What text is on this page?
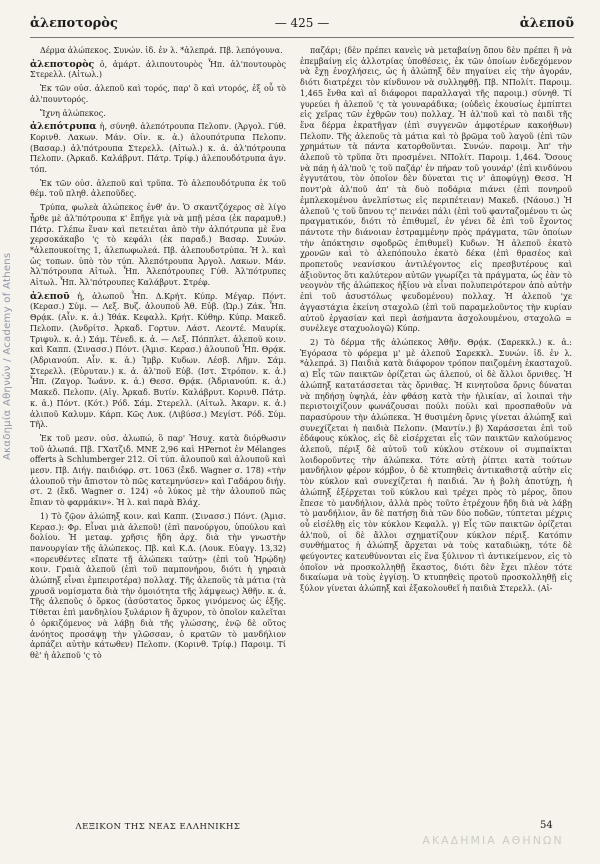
Ακαδημία Αθηνών / Academy of Athens
ἀλεποτορὸς	— 425 —	ἀλεποῦ

Δέρμα ἀλώπεκος. Συνών. ἰδ. ἐν λ. *ἀλεπρά. Πβ. λεπόγουνα.

ἀλεποτορὸς ὁ, ἀμάρτ. ἀλιπουτουρὸς Ἦπ. ἀλ'πουτουρὸς Στερελλ. (Αἰτωλ.)

Ἐκ τῶν οὐσ. ἀλεποῦ καὶ τορός, παρ' ὃ καὶ ντορός, ἐξ οὗ τὸ ἀλ'πουντορός.

Ἴχνη ἀλώπεκος.

ἀλεπότρυπα ἡ, σύνηθ. ἀλεπότρουπα Πελοπν. (Ἀργολ. Γύθ. Κορινθ. Λακων. Μάν. Οἰν. κ. ἀ.) ἀλουπότρυπα Πελοπν. (Βασαρ.) ἀλ'πότρουπα Στερελλ. (Αἰτωλ.) κ. ἀ. ἀλ'πότρουπα Πελοπν. (Ἀρκαδ. Καλάβρυτ. Πάτρ. Τρίφ.) ἀλεπουδότρυπα ἀγν. τόπ.

Ἐκ τῶν οὐσ. ἀλεποῦ καὶ τρῦπα. Τὸ ἀλεπουδότρυπα ἐκ τοῦ θέμ. τοῦ πληθ. ἀλεποῦδες.

Τρύπα, φωλεὰ ἀλώπεκος ἐνθ' ἀν. Ὁ σκαντζόχερος σὲ λίγο ἦρθε μὲ ἀλ'πότρουπα κ' ἔπῆγε γιὰ νὰ μπῇ μέσα (ἐκ παραμυθ.) Πάτρ. Γλέπω ἕναν καὶ πετειέται ἀπὸ τὴν ἀλπότρυπα μὲ ἕνα χερσοκάκαβο 'ς τὸ κεφάλι (ἐκ παραδ.) Βασαρ. Συνών. *ἀλεπουκοίτης 1, ἀλεπωφωλεά. Πβ. ἀλεπουδοτρύπα. Ἡ λ. καὶ ὡς τοπων. ὑπὸ τὸν τύπ. Ἀλεπότρουπα Ἀργολ. Λακων. Μάν. Ἀλ'πότρουπα Αἰτωλ. Ἦπ. Ἀλεπότρουπες Γύθ. Ἀλ'πότρυπες Αἰτωλ. Ἦπ. Ἀλ'πότρουπες Καλάβρυτ. Στρέφ.

ἀλεποῦ ἡ, ἀλωποῦ Ἦπ. Δ.Κρήτ. Κύπρ. Μέγαρ. Πόντ. (Κερασ.) Σύμ. — Λεξ. Βυζ. ἀλουποῦ Ἀθ. Εὐβ. (Ὠρ.) Ζάκ. Ἦπ. Θρᾴκ. (Αἶν. κ. ἀ.) Ἰθάκ. Κεφαλλ. Κρήτ. Κύθηρ. Κύπρ. Μακεδ. Πελοπν. (Ἀνδρίτσ. Ἀρκαδ. Γορτυν. Λάστ. Λεοντέ. Μαυρίκ. Τριφυλ. κ. ἀ.) Σάμ. Τένεδ. κ. ἀ. — Λεξ. Πόππλετ. ἀλεποῦ κοιν. καὶ Καππ. (Σινασσ.) Πόντ. (Ἀμισ. Κερασ.) ἀλουποῦ Ἦπ. Θρᾴκ. (Ἀδριανούπ. Αἶν. κ. ἀ.) Ἰμβρ. Κυδων. Λέσβ. Λῆμν. Σάμ. Στερελλ. (Εὐρυταν.) κ. ἀ. ἀλ'ποῦ Εὐβ. (Ιστ. Στρόπον. κ. ἀ.) Ἦπ. (Ζαγορ. Ἰωάνν. κ. ἀ.) Θεσσ. Θρᾴκ. (Ἀδριανούπ. κ. ἀ.) Μακεδ. Πελοπν. (Αἰγ. Ἀρκαδ. Βυτίν. Καλάβρυτ. Κορινθ. Πάτρ. κ. ἀ.) Πόντ. (Κότ.) Ρόδ. Σάμ. Στερελλ. (Αἰτωλ. Ἀκαρν. κ. ἀ.) ἀλιποῦ Καλυμν. Κάρπ. Κῶς Λυκ. (Λιβύσσ.) Μεγίστ. Ρόδ. Σύμ. Τῆλ.

Ἐκ τοῦ μεσν. οὐσ. ἀλωπώ, ὃ παρ' Ἡσυχ. κατὰ διόρθωσιν τοῦ ἀλωπά. Πβ. ΓΧατζιδ. ΜΝΕ 2,96 καὶ ΗPernot ἐν Mélanges offerts à Schlumberger 212. Οἱ τύπ. ἀλουποῦ καὶ ἀλουποῦ καὶ μεσν. Πβ. Διήγ. παιδιόφρ. στ. 1063 (ἔκδ. Wagner σ. 178) «τὴν ἀλουποῦ τὴν ἄπιστον τὸ πῶς κατεμηνύσεν» καὶ Γαδάρου διήγ. στ. 2 (ἔκδ. Wagner σ. 124) «ὁ λύκος μὲ τὴν ἀλουποῦ πῶς ἔπιαν τὸ φαρμάκιν». Ἡ λ. καὶ παρὰ Βλάχ.

1) Τὸ ζῷον ἀλώπηξ κοιν. καὶ Καππ. (Σινασσ.) Πόντ. (Ἀμισ. Κερασ.): Φρ. Εἶναι μιὰ ἀλεποῦ! (ἐπὶ πανούργου, ὑπούλου καὶ δολίου. Ἡ μεταφ. χρῆσις ἤδη ἀρχ. διὰ τὴν γνωστὴν πανουργίαν τῆς ἀλώπεκος. Πβ. καὶ Κ.Δ. (Λουκ. Εὐαγγ. 13,32) «πορευθέντες εἴπατε τῇ ἀλώπεκι ταύτῃ» (ἐπὶ τοῦ Ἡρῴδη) κοιν. Γραιὰ ἀλεποῦ (ἐπὶ τοῦ παμπονήρου, διότι ἡ γηραιὰ ἀλώπηξ εἶναι ἐμπειροτέρα) πολλαχ. Τῆς ἀλεποῦς τὰ μάτια (τὰ χρυσᾶ νομίσματα διὰ τὴν ὁμοιότητα τῆς λάμψεως) Ἀθῆν. κ. ἀ. Τῆς ἀλεποῦς ὁ ὅρκος (ἀσύστατος ὅρκος γινόμενος ὡς ἑξῆς. Τίθεται ἐπὶ μανδηλίου ξυλάριον ἢ ἄχυρον, τὸ ὁποῖον καλεῖται ὁ ὁρκιζόμενος νὰ λάβῃ διὰ τῆς γλώσσης, ἐνῷ δὲ οὕτος ἀνόητος προσάψῃ τὴν γλῶσσαν, ὁ κρατῶν τὸ μανδήλιον ἁρπάζει αὐτὴν κάτωθεν) Πελοπν. (Κορινθ. Τρίφ.) Παροιμ. Τί θὲ' ἡ ἀλεποῦ 'ς τὸ

παζάρι; (δὲν πρέπει κανεὶς νὰ μεταβαίνῃ ὅπου δὲν πρέπει ἢ νὰ ἐπεμβαίνῃ εἰς ἀλλοτρίας ὑποθέσεις, ἐκ τῶν ὁποίων ἐνδεχόμενον νὰ ἔχῃ ἐνοχλήσεις, ὡς ἡ ἀλώπηξ δὲν πηγαίνει εἰς τὴν ἀγοράν, διότι διατρέχει τὸν κίνδυνον νὰ συλληφθῇ. Πβ. ΝΠολίτ. Παροιμ. 1,465 ἔνθα καὶ αἱ διάφοροι παραλλαγαὶ τῆς παροιμ.) σύνηθ. Τί γυρεύει ἡ ἀλεποῦ 'ς τὰ γουναράδικα; (οὐδεὶς ἑκουσίως ἐμπίπτει εἰς χεῖρας τῶν ἐχθρῶν του) πολλαχ. Ἡ ἀλ'ποῦ καὶ τὸ παιδὶ τῆς ἕνα δέρμα ἐκρατῆγαν (ἐπὶ συγγενῶν ἀμφοτέρων κακοήθων) Πελοπν. Τῆς ἀλεποῦς τὰ μάτια καὶ τὸ βρῶμα τοῦ λαγοῦ (ἐπὶ τῶν χρημάτων τὰ πάντα κατορθοῦνται. Συνών. παροιμ. Ἀπ' τὴν ἀλεποῦ τὸ τρῦπα ὅτι προσμένει. ΝΠολίτ. Παροιμ. 1,464. Ὅσους νὰ πάῃ ἡ ἀλ'ποῦ 'ς τοῦ παζάρ' ἐν πήραν τοῦ γουνάρ' (ἐπὶ κινδύνου ἐγγυτάτου, τὸν ὁποῖον δὲν δύναται τις ν' ἀποφύγῃ) Θεσσ. Ἡ ποντ'ρὰ ἀλ'ποῦ ἀπ' τὰ δυὸ ποδάρια πιάνει (ἐπὶ πονηροῦ ἐμπλεκομένου ἀνελπίστως εἰς περιπέτειαν) Μακεδ. (Νάουσ.) Ἡ ἀλεποῦ 'ς τοῦ ὕπνου τς' πεινάει πάλι (ἐπὶ τοῦ φανταζομένου τι ὡς πραγματικόν, διότι τὸ ἐπιθυμεῖ, ἐν γένει δὲ ἐπὶ τοῦ ἔχοντος πάντοτε τὴν διάνοιαν ἐστραμμένην πρὸς πράγματα, τῶν ὁποίων τὴν ἀπόκτησιν σφοδρῶς ἐπιθυμεῖ) Κυδων. Ἡ ἀλεποῦ ἐκατὸ χρονῶν καὶ τὸ ἀλεπόπουλο ἑκατὸ δέκα (ἐπὶ θρασέος καὶ προπετοῦς νεανίσκου ἀντιλέγοντος εἰς πρεσβυτέρους καὶ ἀξιοῦντος ὅτι καλύτερον αὐτῶν γνωρίζει τὰ πράγματα, ὡς ἐὰν τὸ νεογνὸν τῆς ἀλώπεκος ἠξίου νὰ εἶναι πολυπειρότερον ἀπὸ αὐτὴν ἐπὶ τοῦ ἀσυστόλως ψευδομένου) πολλαχ. Ἡ ἀλεποῦ 'χε ἀγγαστάχια ἐκείνη σταχολῶ (ἐπὶ τοῦ παραμελοῦντος τὴν κυρίαν αὐτοῦ ἐργασίαν καὶ περὶ ἀσήμαντα ἀσχολουμένου, σταχολῶ = συνέλεγε σταχυολογῶ) Κύπρ.

2) Τὸ δέρμα τῆς ἀλώπεκος Ἀθῆν. Θρᾴκ. (Σαρεκκλ.) κ. ἀ.: Ἐγόρασα τὸ φόρεμα μ' μὲ ἀλεποῦ Σαρεκκλ. Συνών. ἰδ. ἐν λ. *ἀλεπρά. 3) Παιδιὰ κατὰ διάφορον τρόπον παιζομένη ἑκασταχοῦ. α) Εἷς τῶν παικτῶν ὀρίζεται ὡς ἀλεπού, οἱ δὲ ἄλλοι ὄρνιθες. Ἡ ἀλώπηξ κατατάσσεται τὰς ὄρνιθας. Ἡ κινητοῦσα ὄρνις δύναται νὰ πηδήσῃ ὑψηλά, ἐὰν φθάσῃ κατὰ τὴν ἡλικίαν, αἱ λοιπαὶ τὴν περιστοιχίζουν φωνάζουσαι πούλι πούλι καὶ προσπαθοῦν νὰ παρασύρουν τὴν ἀλώπεκα. Ἡ θυσιμένη ὄρνις γίνεται ἀλώπηξ καὶ συνεχίζεται ἡ παιδιὰ Πελοπν. (Μαντίν.) β) Χαράσσεται ἐπὶ τοῦ ἐδάφους κύκλος, εἰς δὲ εἰσέρχεται εἷς τῶν παικτῶν καλούμενος ἀλεποῦ, πέριξ δὲ αὐτοῦ τοῦ κύκλου στέκουν οἱ συμπαίκται λοιδοροῦντες τὴν ἀλώπεκα. Τότε αὐτὴ ῥίπτει κατὰ τούτων μανδήλιον φέρον κόμβον, ὁ δὲ κτυπηθεὶς ἀντικαθιστᾷ αὐτὴν εἰς τὸν κύκλον καὶ συνεχίζεται ἡ παιδιά. Ἂν ἡ βολὴ ἀποτύχῃ, ἡ ἀλώπηξ ἐξέρχεται τοῦ κύκλου καὶ τρέχει πρὸς τὸ μέρος, ὅπου ἔπεσε τὸ μανδήλιον, ἀλλὰ πρὸς τοῦτο ἐτρέχουν ἤδη διὰ νὰ λάβῃ τὸ μανδήλιον, ἂν δὲ πατήσῃ διὰ τῶν δύο ποδῶν, τύπτεται μέχρις οὗ εἰσέλθῃ εἰς τὸν κύκλον Κεφαλλ. γ) Εἷς τῶν παικτῶν ὁρίζεται ἀλ'ποῦ, οἱ δὲ ἄλλοι σχηματίζουν κύκλον πέριξ. Κατόπιν συνθήματος ἡ ἀλώπηξ ἄρχεται νὰ τοὺς καταδιώκῃ, τότε δὲ φεύγοντες κατευθύνονται εἰς ἕνα ξύλινον τὶ ἀντικείμενον, εἰς τὸ ὁποῖον νὰ προσκολληθῇ ἕκαστος, διότι δὲν ἔχει πλέον τότε δικαίωμα νὰ τοὺς ἐγγίσῃ. Ὁ κτυπηθεὶς προτοῦ προσκολληθῇ εἰς ξύλον γίνεται ἀλώπηξ καὶ ἐξακολουθεῖ ἡ παιδιὰ Στερελλ. (Αἰ-

ΛΕΞΙΚΟΝ ΤΗΣ ΝΕΑΣ ΕΛΛΗΝΙΚΗΣ
ΑΚΑΔΗΜΙΑ ΑΘΗΝΩΝ
54
